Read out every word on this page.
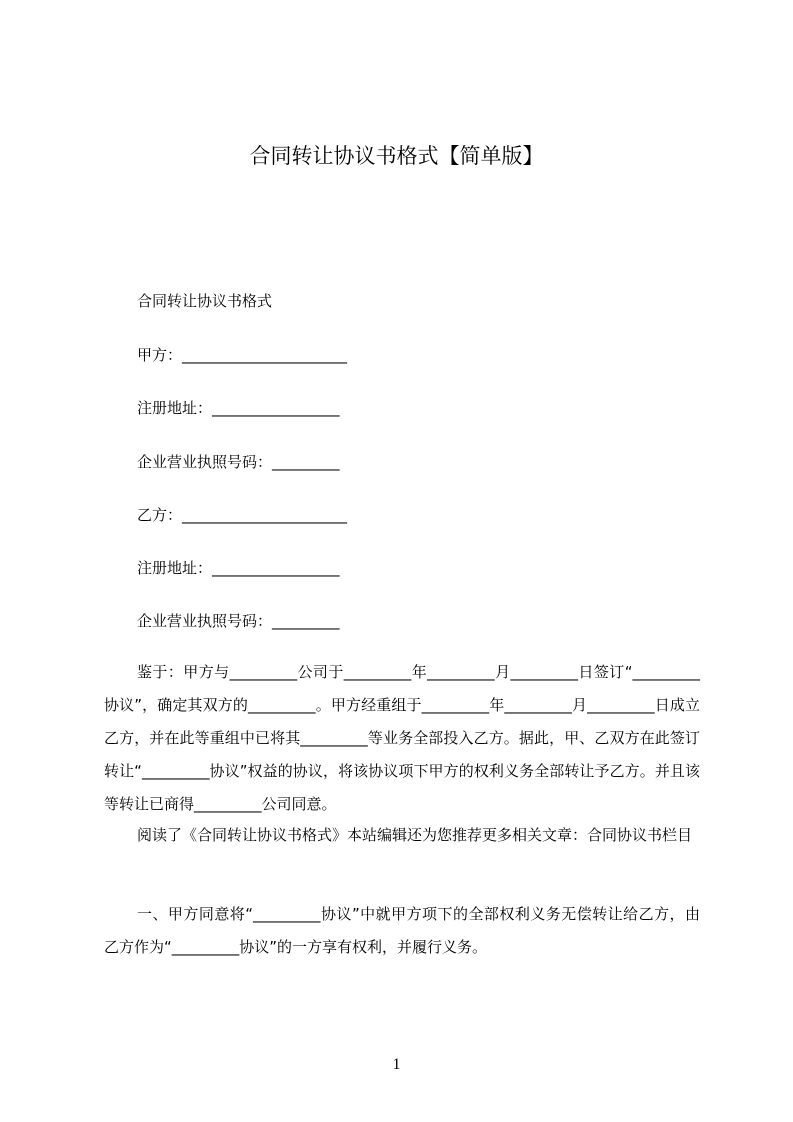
合同转让协议书格式【简单版】

合同转让协议书格式

甲方：______________________

注册地址：_________________

企业营业执照号码：_________

乙方：______________________

注册地址：_________________

企业营业执照号码：_________

鉴于：甲方与_________公司于_________年_________月_________日签订“_________协议”，确定其双方的_________。甲方经重组于_________年_________月_________日成立乙方，并在此等重组中已将其_________等业务全部投入乙方。据此，甲、乙双方在此签订转让“_________协议”权益的协议，将该协议项下甲方的权利义务全部转让予乙方。并且该等转让已商得_________公司同意。

阅读了《合同转让协议书格式》本站编辑还为您推荐更多相关文章：合同协议书栏目

一、甲方同意将“_________协议”中就甲方项下的全部权利义务无偿转让给乙方，由乙方作为“_________协议”的一方享有权利，并履行义务。

1
